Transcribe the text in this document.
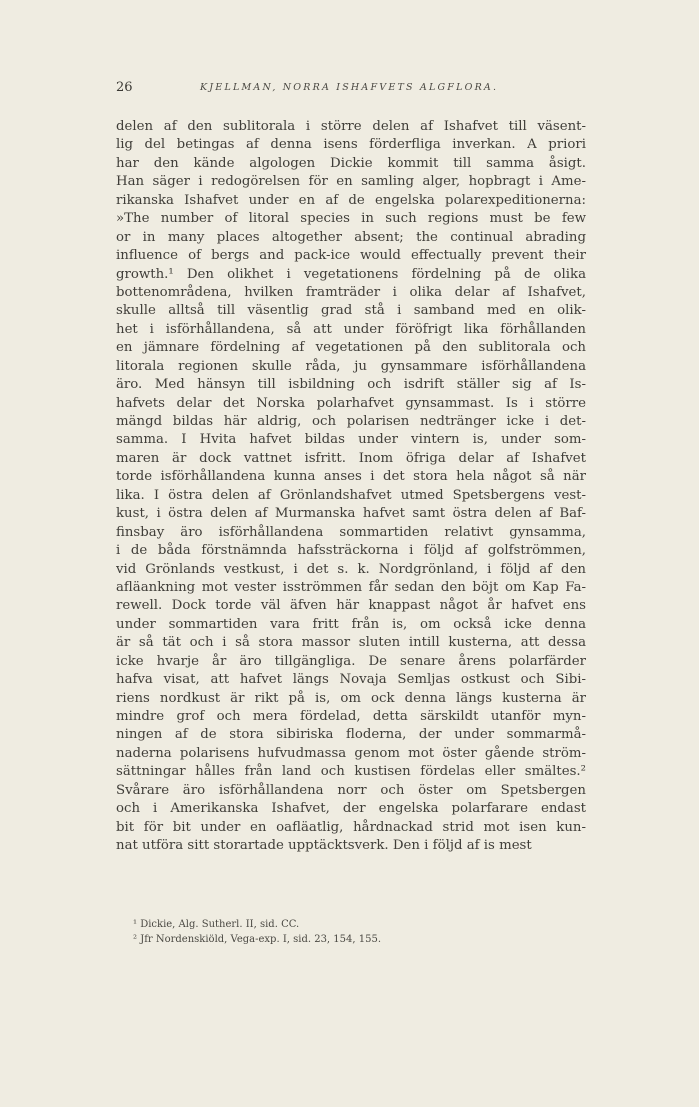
26	KJELLMAN, NORRA ISHAFVETS ALGFLORA.
delen af den sublitorala i större delen af Ishafvet till väsent-
lig del betingas af denna isens förderfliga inverkan. A priori
har den kände algologen Dickie kommit till samma åsigt.
Han säger i redogörelsen för en samling alger, hopbragt i Ame-
rikanska Ishafvet under en af de engelska polarexpeditionerna:
»The number of litoral species in such regions must be few
or in many places altogether absent; the continual abrading
influence of bergs and pack-ice would effectually prevent their
growth.¹ Den olikhet i vegetationens fördelning på de olika
bottenområdena, hvilken framträder i olika delar af Ishafvet,
skulle alltså till väsentlig grad stå i samband med en olik-
het i isförhållandena, så att under föröfrigt lika förhållanden
en jämnare fördelning af vegetationen på den sublitorala och
litorala regionen skulle råda, ju gynsammare isförhållandena
äro. Med hänsyn till isbildning och isdrift ställer sig af Is-
hafvets delar det Norska polarhafvet gynsammast. Is i större
mängd bildas här aldrig, och polarisen nedtränger icke i det-
samma. I Hvita hafvet bildas under vintern is, under som-
maren är dock vattnet isfritt. Inom öfriga delar af Ishafvet
torde isförhållandena kunna anses i det stora hela något så när
lika. I östra delen af Grönlandshafvet utmed Spetsbergens vest-
kust, i östra delen af Murmanska hafvet samt östra delen af Baf-
finsbay äro isförhållandena sommartiden relativt gynsamma,
i de båda förstnämnda hafssträckorna i följd af golfströmmen,
vid Grönlands vestkust, i det s. k. Nordgrönland, i följd af den
afläankning mot vester isströmmen får sedan den böjt om Kap Fa-
rewell. Dock torde väl äfven här knappast något år hafvet ens
under sommartiden vara fritt från is, om också icke denna
är så tät och i så stora massor sluten intill kusterna, att dessa
icke hvarje år äro tillgängliga. De senare årens polarfärder
hafva visat, att hafvet längs Novaja Semljas ostkust och Sibi-
riens nordkust är rikt på is, om ock denna längs kusterna är
mindre grof och mera fördelad, detta särskildt utanför myn-
ningen af de stora sibiriska floderna, der under sommarmå-
naderna polarisens hufvudmassa genom mot öster gående ström-
sättningar hålles från land och kustisen fördelas eller smältes.²
Svårare äro isförhållandena norr och öster om Spetsbergen
och i Amerikanska Ishafvet, der engelska polarfarare endast
bit för bit under en oafläatlig, hårdnackad strid mot isen kun-
nat utföra sitt storartade upptäcktsverk. Den i följd af is mest
¹ Dickie, Alg. Sutherl. II, sid. CC.
² Jfr Nordenskiöld, Vega-exp. I, sid. 23, 154, 155.
